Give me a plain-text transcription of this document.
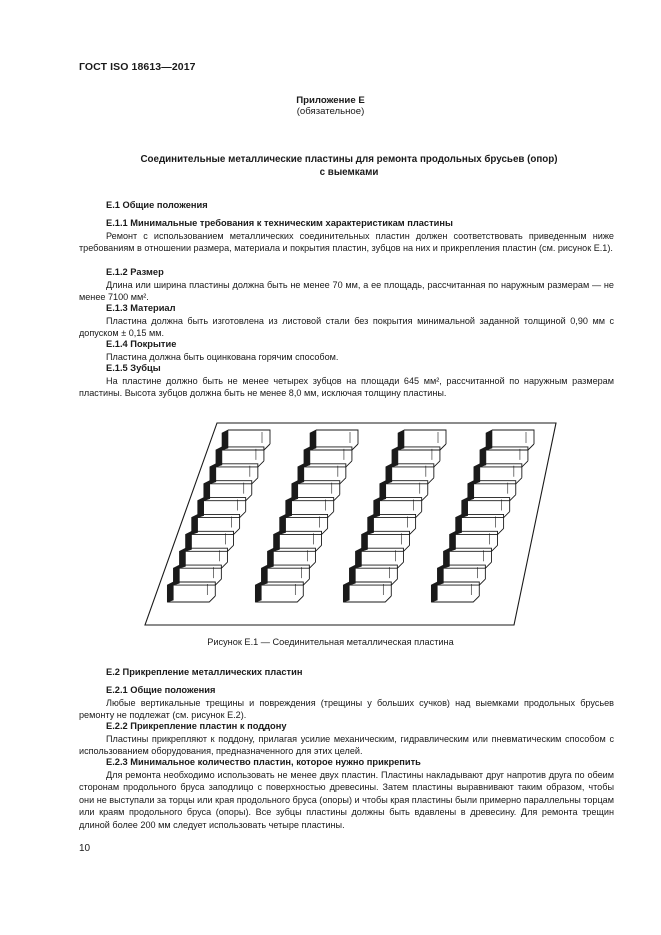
ГОСТ ISO 18613—2017
Приложение Е
(обязательное)
Соединительные металлические пластины для ремонта продольных брусьев (опор)
с выемками
Е.1 Общие положения
Е.1.1 Минимальные требования к техническим характеристикам пластины

Ремонт с использованием металлических соединительных пластин должен соответствовать приведенным ниже требованиям в отношении размера, материала и покрытия пластин, зубцов на них и прикрепления пластин (см. рисунок Е.1).

Е.1.2 Размер

Длина или ширина пластины должна быть не менее 70 мм, а ее площадь, рассчитанная по наружным размерам — не менее 7100 мм².

Е.1.3 Материал

Пластина должна быть изготовлена из листовой стали без покрытия минимальной заданной толщиной 0,90 мм с допуском ± 0,15 мм.

Е.1.4 Покрытие

Пластина должна быть оцинкована горячим способом.

Е.1.5 Зубцы

На пластине должно быть не менее четырех зубцов на площади 645 мм², рассчитанной по наружным размерам пластины. Высота зубцов должна быть не менее 8,0 мм, исключая толщину пластины.

Рисунок Е.1 — Соединительная металлическая пластина
Е.2 Прикрепление металлических пластин
Е.2.1 Общие положения

Любые вертикальные трещины и повреждения (трещины у больших сучков) над выемками продольных брусьев ремонту не подлежат (см. рисунок Е.2).

Е.2.2 Прикрепление пластин к поддону

Пластины прикрепляют к поддону, прилагая усилие механическим, гидравлическим или пневматическим способом с использованием оборудования, предназначенного для этих целей.

Е.2.3 Минимальное количество пластин, которое нужно прикрепить

Для ремонта необходимо использовать не менее двух пластин. Пластины накладывают друг напротив друга по обеим сторонам продольного бруса заподлицо с поверхностью древесины. Затем пластины выравнивают таким образом, чтобы они не выступали за торцы или края продольного бруса (опоры) и чтобы края пластины были примерно параллельны торцам или краям продольного бруса (опоры). Все зубцы пластины должны быть вдавлены в древесину. Для ремонта трещин длиной более 200 мм следует использовать четыре пластины.

10
